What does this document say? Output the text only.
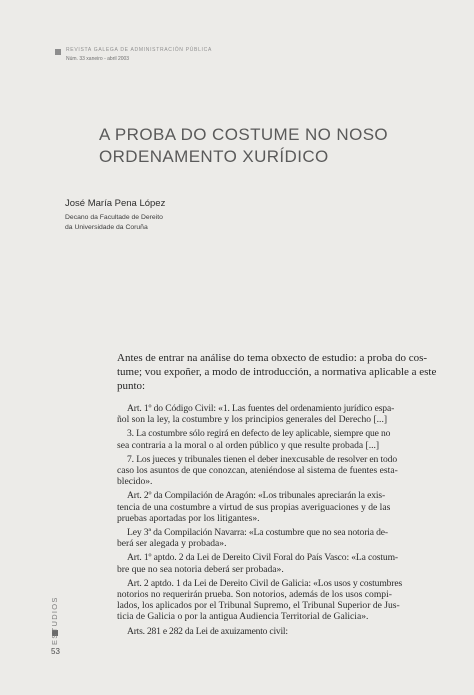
REVISTA GALEGA DE ADMINISTRACIÓN PÚBLICA
Núm. 33 xaneiro - abril 2003
A PROBA DO COSTUME NO NOSO
ORDENAMENTO XURÍDICO
José María Pena López
Decano da Facultade de Dereito
da Universidade da Coruña
Antes de entrar na análise do tema obxecto de estudio: a proba do cos-
tume; vou expoñer, a modo de introducción, a normativa aplicable a este
punto:
Art. 1º do Código Civil: «1. Las fuentes del ordenamiento jurídico espa-
ñol son la ley, la costumbre y los principios generales del Derecho [...]
3. La costumbre sólo regirá en defecto de ley aplicable, siempre que no
sea contraria a la moral o al orden público y que resulte probada [...]
7. Los jueces y tribunales tienen el deber inexcusable de resolver en todo
caso los asuntos de que conozcan, ateniéndose al sistema de fuentes esta-
blecido».
Art. 2º da Compilación de Aragón: «Los tribunales apreciarán la exis-
tencia de una costumbre a virtud de sus propias averiguaciones y de las
pruebas aportadas por los litigantes».
Ley 3ª da Compilación Navarra: «La costumbre que no sea notoria de-
berá ser alegada y probada».
Art. 1º aptdo. 2 da Lei de Dereito Civil Foral do País Vasco: «La costum-
bre que no sea notoria deberá ser probada».
Art. 2 aptdo. 1 da Lei de Dereito Civil de Galicia: «Los usos y costumbres
notorios no requerirán prueba. Son notorios, además de los usos compi-
lados, los aplicados por el Tribunal Supremo, el Tribunal Superior de Jus-
ticia de Galicia o por la antigua Audiencia Territorial de Galicia».
Arts. 281 e 282 da Lei de axuizamento civil:
ESTUDIOS
53
